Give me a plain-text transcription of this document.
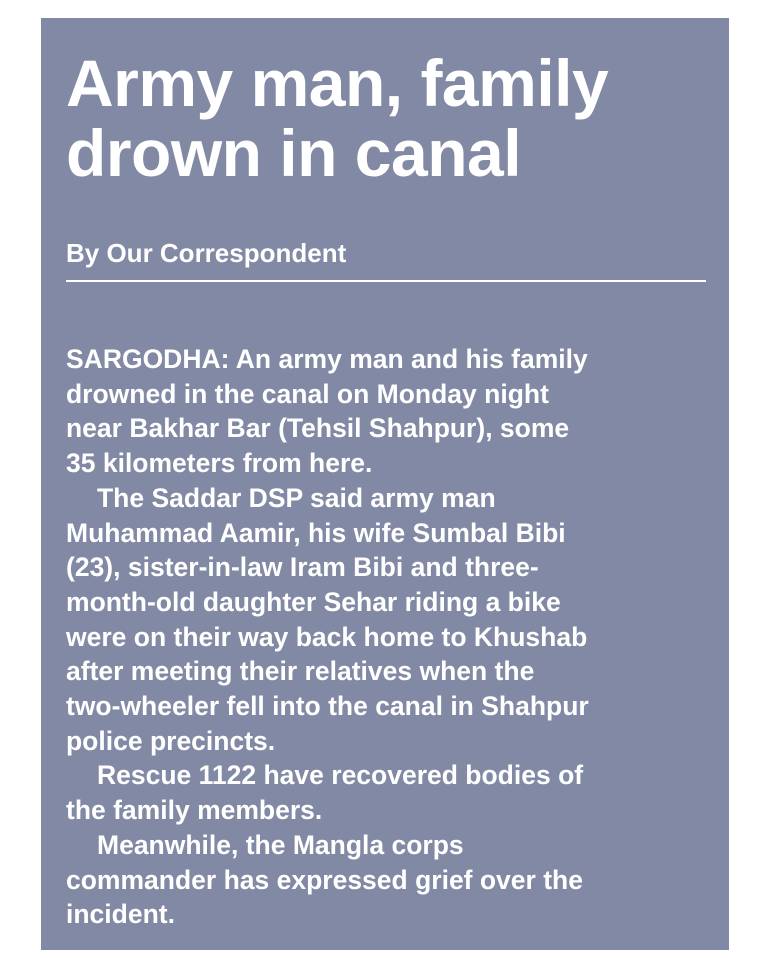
Army man, family
drown in canal
By Our Correspondent

SARGODHA: An army man and his family
drowned in the canal on Monday night
near Bakhar Bar (Tehsil Shahpur), some
35 kilometers from here.

The Saddar DSP said army man
Muhammad Aamir, his wife Sumbal Bibi
(23), sister-in-law Iram Bibi and three-
month-old daughter Sehar riding a bike
were on their way back home to Khushab
after meeting their relatives when the
two-wheeler fell into the canal in Shahpur
police precincts.

Rescue 1122 have recovered bodies of
the family members.

Meanwhile, the Mangla corps
commander has expressed grief over the
incident.
